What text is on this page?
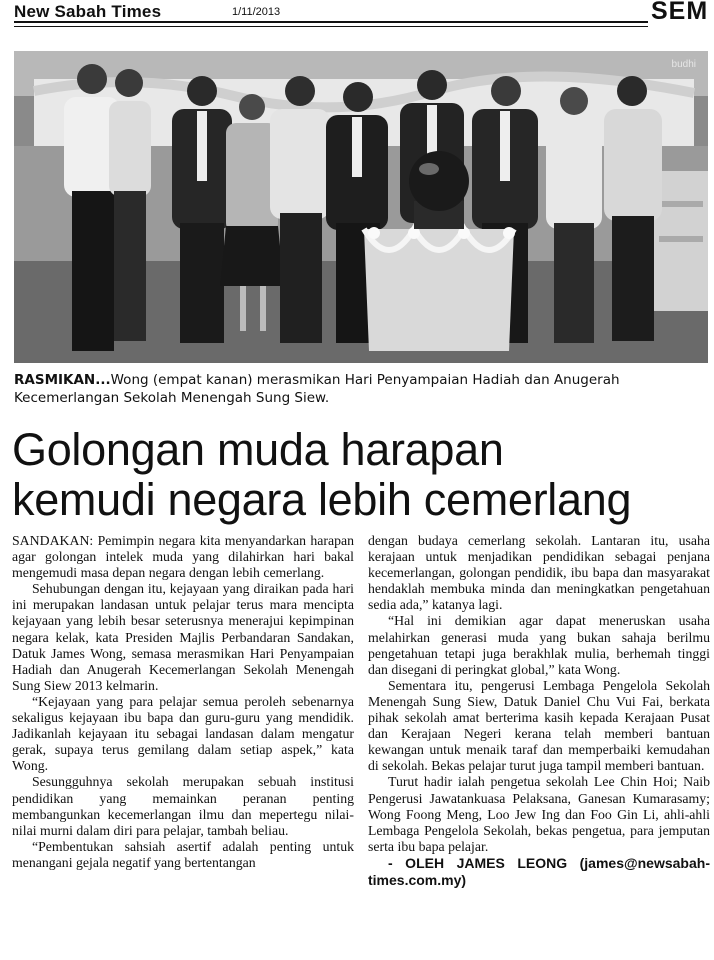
New Sabah Times	1/11/2013	SEM
budhi
RASMIKAN...Wong (empat kanan) merasmikan Hari Penyampaian Hadiah dan Anugerah Kecemerlangan Sekolah Menengah Sung Siew.
Golongan muda harapan
kemudi negara lebih cemerlang

SANDAKAN: Pemimpin negara kita menyandarkan harapan agar golongan intelek muda yang dilahirkan hari bakal mengemudi masa depan negara dengan lebih cemerlang.

Sehubungan dengan itu, kejayaan yang diraikan pada hari ini merupakan landasan untuk pelajar terus mara mencipta kejayaan yang lebih besar seterusnya menerajui kepimpinan negara kelak, kata Presiden Majlis Perbandaran Sandakan, Datuk James Wong, semasa merasmikan Hari Penyampaian Hadiah dan Anugerah Kecemerlangan Sekolah Menengah Sung Siew 2013 kelmarin.

“Kejayaan yang para pelajar semua peroleh sebenarnya sekaligus kejayaan ibu bapa dan guru-guru yang mendidik. Jadikanlah kejayaan itu sebagai landasan dalam mengatur gerak, supaya terus gemilang dalam setiap aspek,” kata Wong.

Sesungguhnya sekolah merupakan sebuah institusi pendidikan yang memainkan peranan penting membangunkan kecemerlangan ilmu dan mepertegu nilai-nilai murni dalam diri para pelajar, tambah beliau.

“Pembentukan sahsiah asertif adalah penting untuk menangani gejala negatif yang bertentangan

dengan budaya cemerlang sekolah. Lantaran itu, usaha kerajaan untuk menjadikan pendidikan sebagai penjana kecemerlangan, golongan pendidik, ibu bapa dan masyarakat hendaklah membuka minda dan meningkatkan pengetahuan sedia ada,” katanya lagi.

“Hal ini demikian agar dapat meneruskan usaha melahirkan generasi muda yang bukan sahaja berilmu pengetahuan tetapi juga berakhlak mulia, berhemah tinggi dan disegani di peringkat global,” kata Wong.

Sementara itu, pengerusi Lembaga Pengelola Sekolah Menengah Sung Siew, Datuk Daniel Chu Vui Fai, berkata pihak sekolah amat berterima kasih kepada Kerajaan Pusat dan Kerajaan Negeri kerana telah memberi bantuan kewangan untuk menaik taraf dan memperbaiki kemudahan di sekolah. Bekas pelajar turut juga tampil memberi bantuan.

Turut hadir ialah pengetua sekolah Lee Chin Hoi; Naib Pengerusi Jawatankuasa Pelaksana, Ganesan Kumarasamy; Wong Foong Meng, Loo Jew Ing dan Foo Gin Li, ahli-ahli Lembaga Pengelola Sekolah, bekas pengetua, para jemputan serta ibu bapa pelajar.

- OLEH JAMES LEONG (james@newsabah-times.com.my)
